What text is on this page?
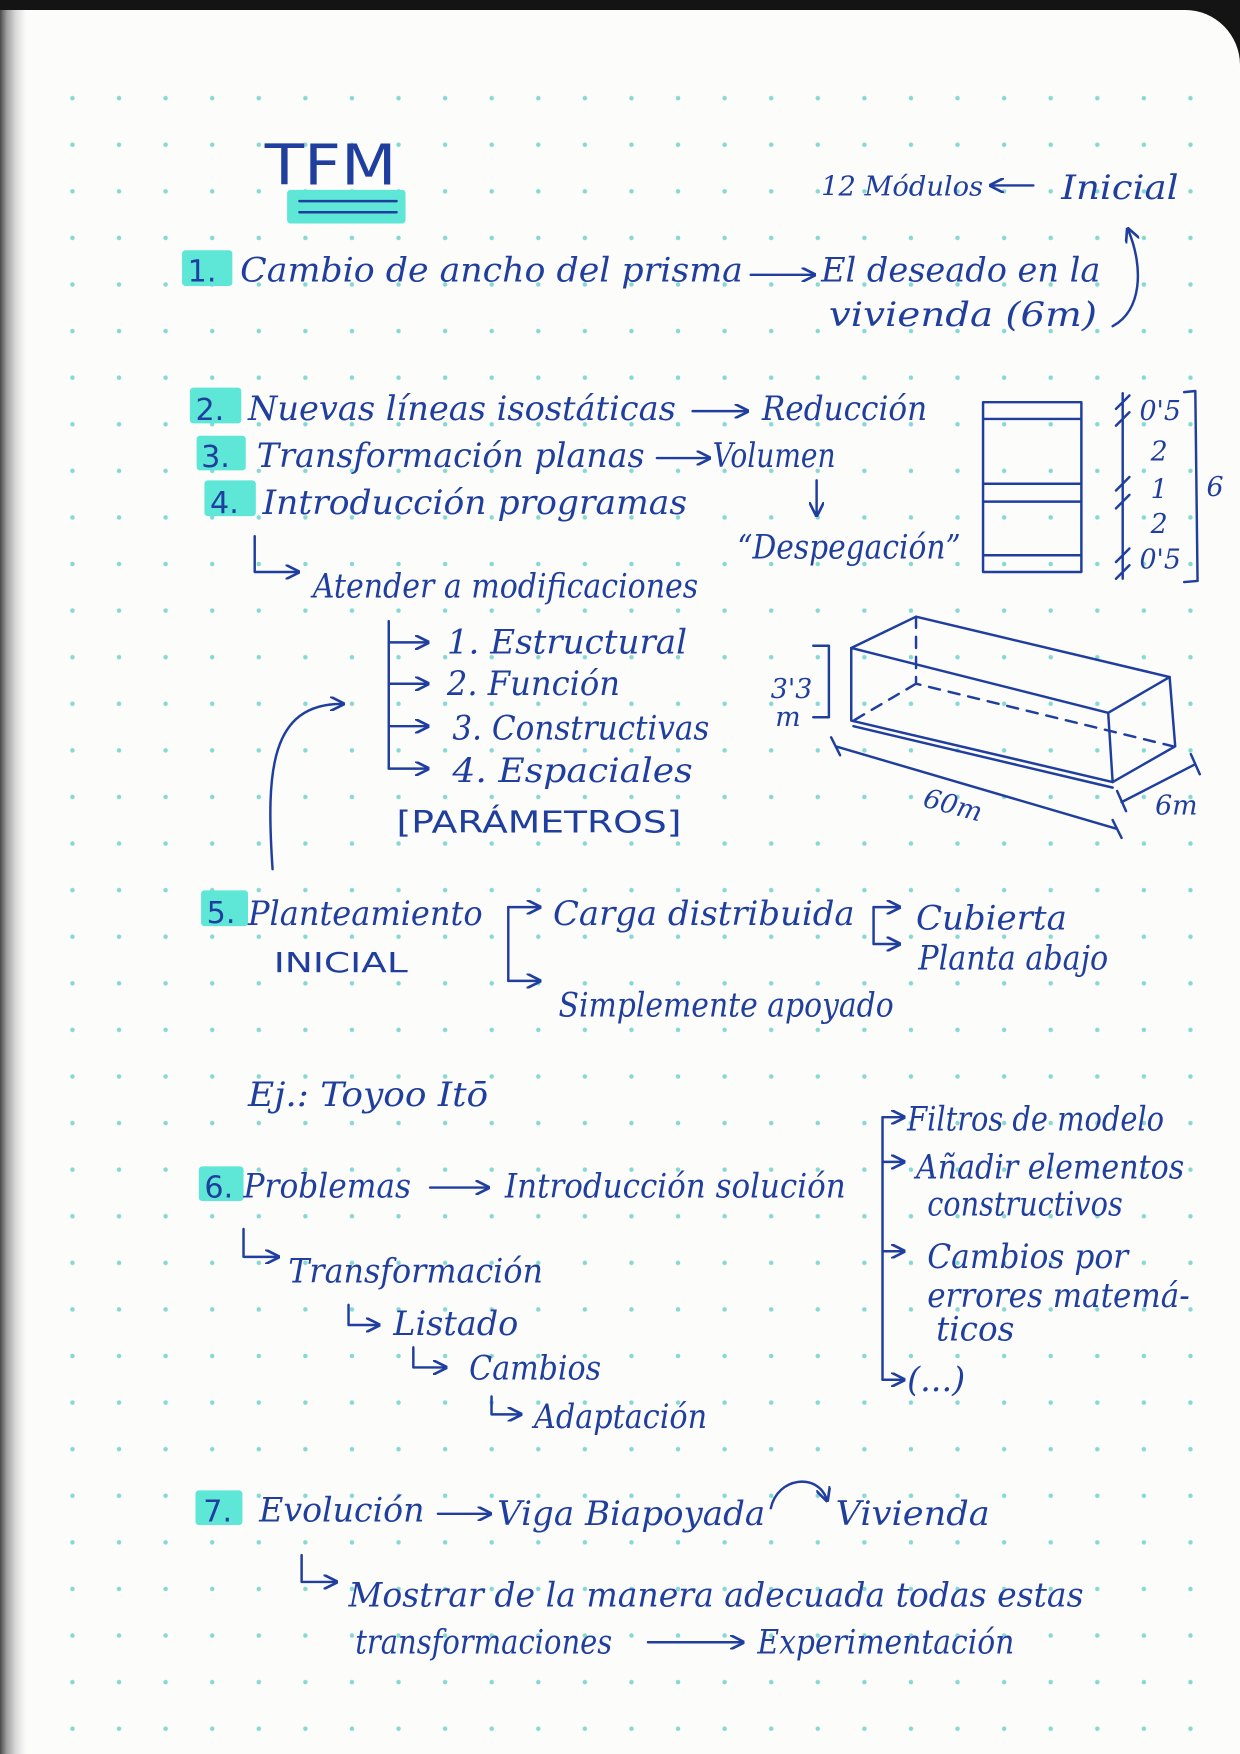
TFM	12 Módulos	Inicial
1. Cambio de ancho del prisma	El deseado en la
vivienda (6m)
2. Nuevas líneas isostáticas	Reducción
3. Transformación planas Volumen
4. Introducción programas
“Despegación”
Atender a modificaciones
1. Estructural
2. Función
3. Constructivas
4. Espaciales
[PARÁMETROS]
0'5
2
1
2
0'5
6
3'3
m
60m	6m
5. Planteamiento
INICIAL
Carga distribuida
Simplemente apoyado
Cubierta
Planta abajo
Ej.: Toyoo Itō
6. Problemas	Introducción solución
Filtros de modelo
Añadir elementos
constructivos
Cambios por
errores matemá-
ticos
(...)
Transformación
Listado
Cambios
Adaptación
7. Evolución Viga Biapoyada Vivienda
Mostrar de la manera adecuada todas estas
transformaciones	Experimentación
